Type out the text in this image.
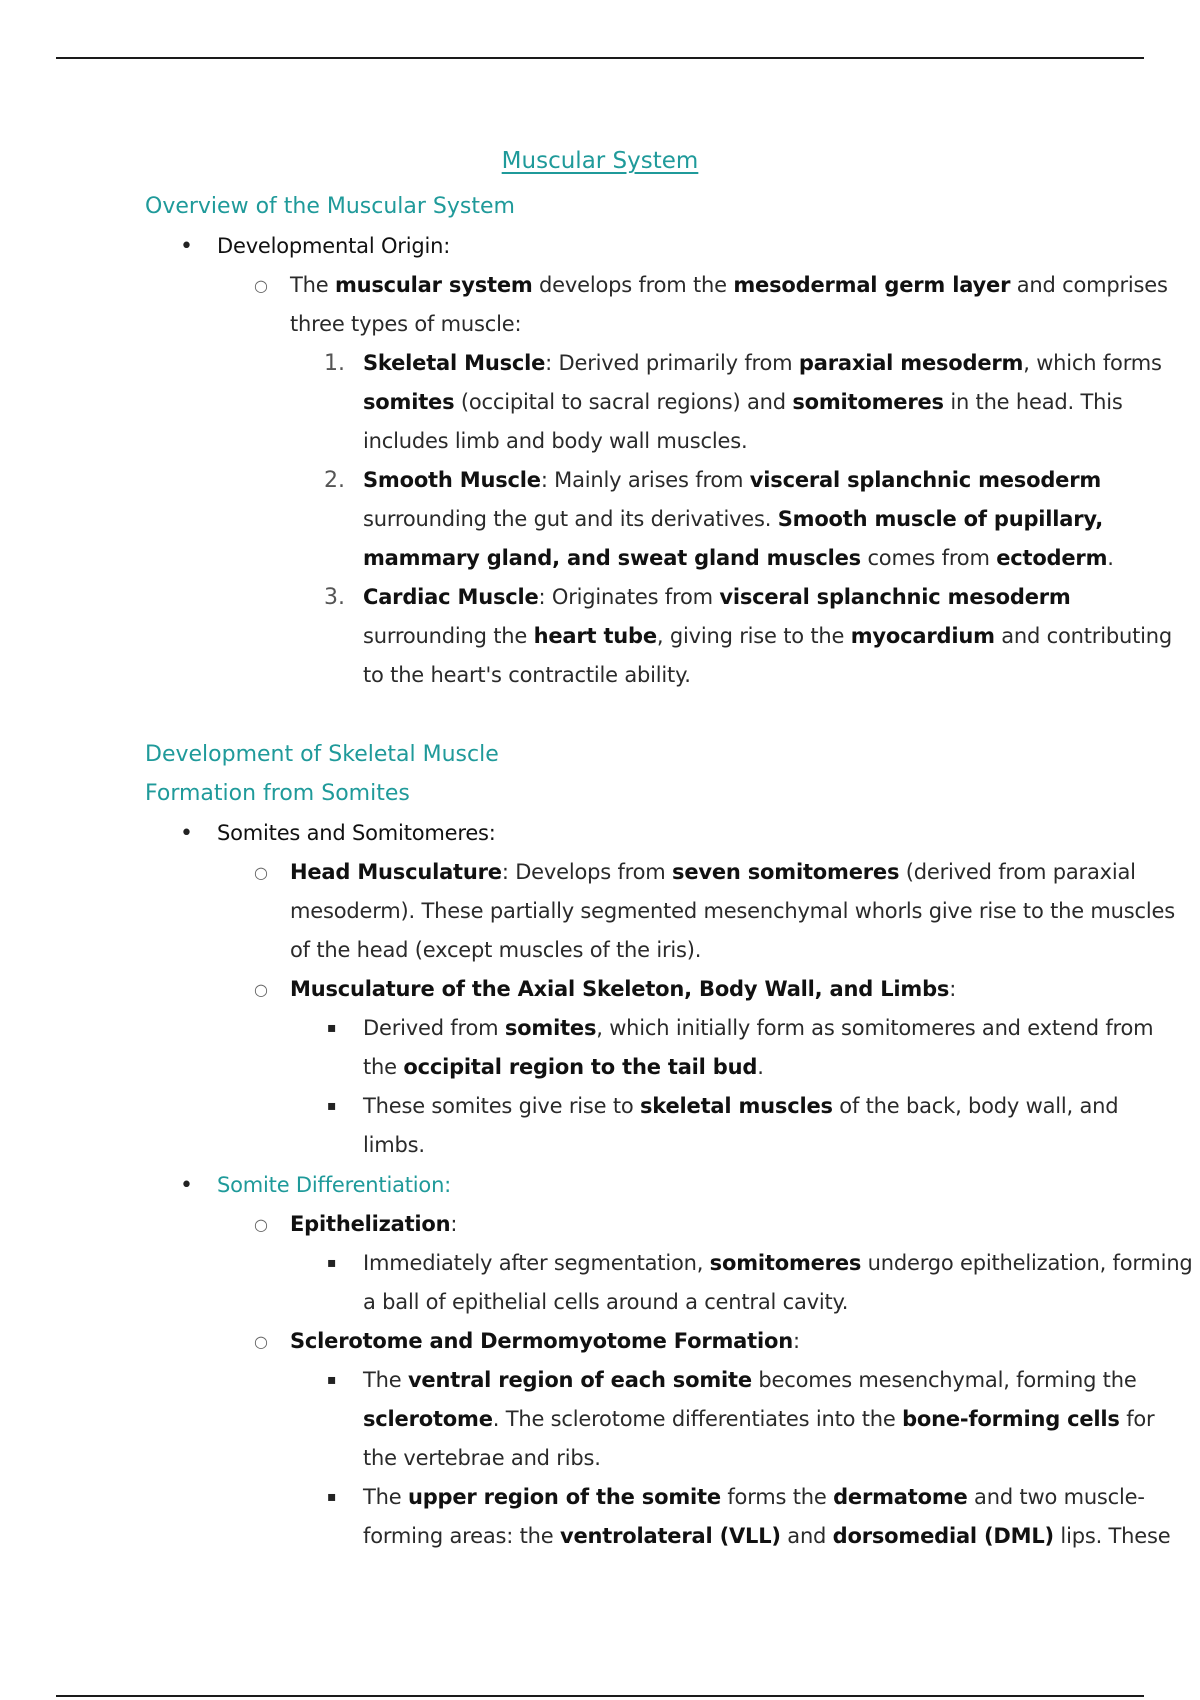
Muscular System
Overview of the Muscular System
• Developmental Origin:
○ The muscular system develops from the mesodermal germ layer and comprises
three types of muscle:
1. Skeletal Muscle: Derived primarily from paraxial mesoderm, which forms
somites (occipital to sacral regions) and somitomeres in the head. This
includes limb and body wall muscles.
2. Smooth Muscle: Mainly arises from visceral splanchnic mesoderm
surrounding the gut and its derivatives. Smooth muscle of pupillary,
mammary gland, and sweat gland muscles comes from ectoderm.
3. Cardiac Muscle: Originates from visceral splanchnic mesoderm
surrounding the heart tube, giving rise to the myocardium and contributing
to the heart's contractile ability.
Development of Skeletal Muscle
Formation from Somites
• Somites and Somitomeres:
○ Head Musculature: Develops from seven somitomeres (derived from paraxial
mesoderm). These partially segmented mesenchymal whorls give rise to the muscles
of the head (except muscles of the iris).
○ Musculature of the Axial Skeleton, Body Wall, and Limbs:
▪ Derived from somites, which initially form as somitomeres and extend from
the occipital region to the tail bud.
▪ These somites give rise to skeletal muscles of the back, body wall, and
limbs.
• Somite Differentiation:
○ Epithelization:
▪ Immediately after segmentation, somitomeres undergo epithelization, forming
a ball of epithelial cells around a central cavity.
○ Sclerotome and Dermomyotome Formation:
▪ The ventral region of each somite becomes mesenchymal, forming the
sclerotome. The sclerotome differentiates into the bone-forming cells for
the vertebrae and ribs.
▪ The upper region of the somite forms the dermatome and two muscle-
forming areas: the ventrolateral (VLL) and dorsomedial (DML) lips. These
